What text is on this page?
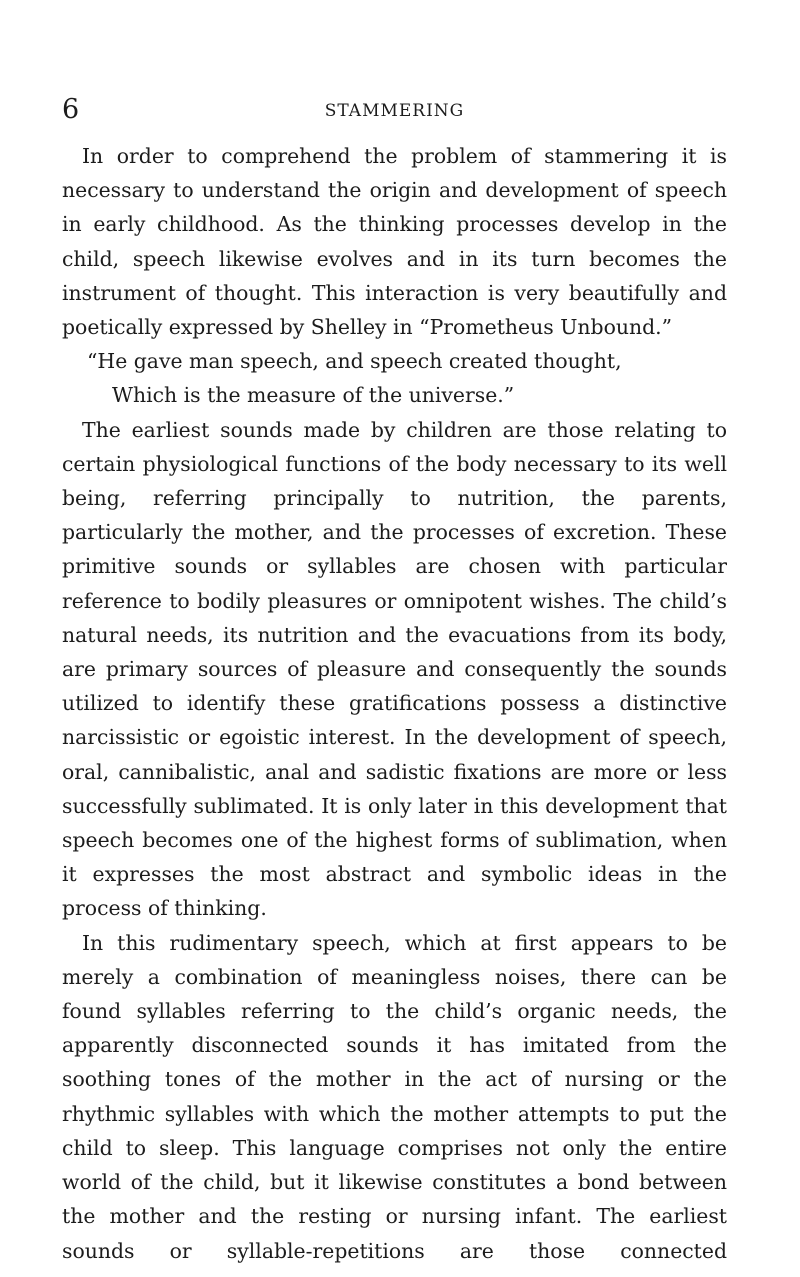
6	STAMMERING

In order to comprehend the problem of stammering it is necessary to understand the origin and development of speech in early childhood. As the thinking processes develop in the child, speech likewise evolves and in its turn becomes the instrument of thought. This interaction is very beautifully and poetically expressed by Shelley in “Prometheus Unbound.”

“He gave man speech, and speech created thought,
Which is the measure of the universe.”

The earliest sounds made by children are those relating to certain physiological functions of the body necessary to its well being, referring principally to nutrition, the parents, particularly the mother, and the processes of excretion. These primitive sounds or syllables are chosen with particular reference to bodily pleasures or omnipotent wishes. The child’s natural needs, its nutrition and the evacuations from its body, are primary sources of pleasure and consequently the sounds utilized to identify these gratifications possess a distinctive narcissistic or egoistic interest. In the development of speech, oral, cannibalistic, anal and sadistic fixations are more or less successfully sublimated. It is only later in this development that speech becomes one of the highest forms of sublimation, when it expresses the most abstract and symbolic ideas in the process of thinking.

In this rudimentary speech, which at first appears to be merely a combination of meaningless noises, there can be found syllables referring to the child’s organic needs, the apparently disconnected sounds it has imitated from the soothing tones of the mother in the act of nursing or the rhythmic syllables with which the mother attempts to put the child to sleep. This language comprises not only the entire world of the child, but it likewise constitutes a bond between the mother and the resting or nursing infant. The earliest sounds or syllable-repetitions are those connected
